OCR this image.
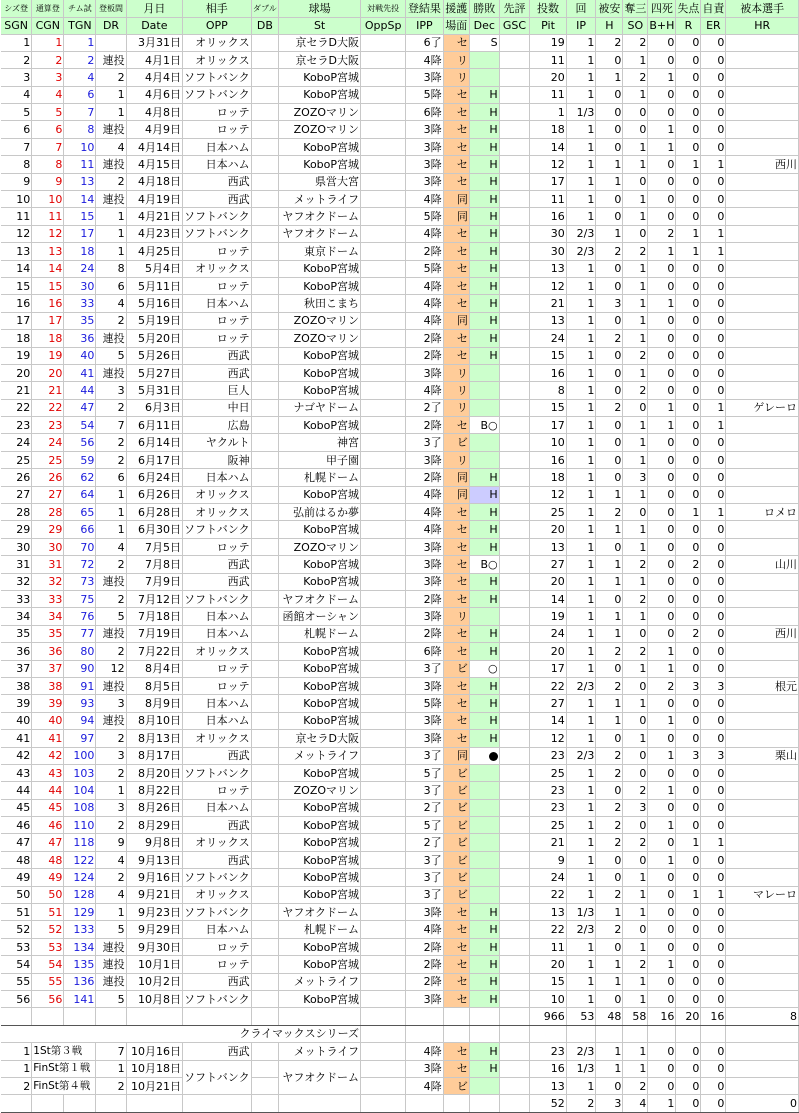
シズ登	通算登	チム試	登板間	月日	相手	ダブル	球場	対戦先投	登結果	援護	勝敗	先評	投数	回	被安	奪三	四死	失点	自責	被本選手
SGN	CGN	TGN	DR	Date	OPP	DB	St	OppSp	IPP	場面	Dec	GSC	Pit	IP	H	SO	B+H	R	ER	HR
1	1	1		3月31日	オリックス		京セラD大阪		6了	セ	S		19	1	2	2	0	0	0	
2	2	2	連投	4月1日	オリックス		京セラD大阪		4降	リ			11	1	0	1	0	0	0	
3	3	4	2	4月4日	ソフトバンク		KoboP宮城		3降	リ			20	1	1	2	1	0	0	
4	4	6	1	4月6日	ソフトバンク		KoboP宮城		5降	セ	H		11	1	0	1	0	0	0	
5	5	7	1	4月8日	ロッテ		ZOZOマリン		6降	セ	H		1	1/3	0	0	0	0	0	
6	6	8	連投	4月9日	ロッテ		ZOZOマリン		3降	セ	H		18	1	0	0	1	0	0	
7	7	10	4	4月14日	日本ハム		KoboP宮城		3降	セ	H		14	1	0	1	1	0	0	
8	8	11	連投	4月15日	日本ハム		KoboP宮城		3降	セ	H		12	1	1	1	0	1	1	西川
9	9	13	2	4月18日	西武		県営大宮		3降	セ	H		17	1	1	0	0	0	0	
10	10	14	連投	4月19日	西武		メットライフ		4降	同	H		11	1	0	1	0	0	0	
11	11	15	1	4月21日	ソフトバンク		ヤフオクドーム		5降	同	H		16	1	0	1	0	0	0	
12	12	17	1	4月23日	ソフトバンク		ヤフオクドーム		4降	セ	H		30	2/3	1	0	2	1	1	
13	13	18	1	4月25日	ロッテ		東京ドーム		2降	セ	H		30	2/3	2	2	1	1	1	
14	14	24	8	5月4日	オリックス		KoboP宮城		5降	セ	H		13	1	0	1	0	0	0	
15	15	30	6	5月11日	ロッテ		KoboP宮城		4降	セ	H		12	1	0	1	0	0	0	
16	16	33	4	5月16日	日本ハム		秋田こまち		4降	セ	H		21	1	3	1	1	0	0	
17	17	35	2	5月19日	ロッテ		ZOZOマリン		4降	同	H		13	1	0	1	0	0	0	
18	18	36	連投	5月20日	ロッテ		ZOZOマリン		2降	セ	H		24	1	2	1	0	0	0	
19	19	40	5	5月26日	西武		KoboP宮城		2降	セ	H		15	1	0	2	0	0	0	
20	20	41	連投	5月27日	西武		KoboP宮城		3降	リ			16	1	0	1	0	0	0	
21	21	44	3	5月31日	巨人		KoboP宮城		4降	リ			8	1	0	2	0	0	0	
22	22	47	2	6月3日	中日		ナゴヤドーム		2了	リ			15	1	2	0	1	0	1	ゲレーロ
23	23	54	7	6月11日	広島		KoboP宮城		2降	セ	B○		17	1	0	1	1	0	1	
24	24	56	2	6月14日	ヤクルト		神宮		3了	ビ			10	1	0	1	0	0	0	
25	25	59	2	6月17日	阪神		甲子園		3降	リ			16	1	0	1	0	0	0	
26	26	62	6	6月24日	日本ハム		札幌ドーム		2降	同	H		18	1	0	3	0	0	0	
27	27	64	1	6月26日	オリックス		KoboP宮城		4降	同	H		12	1	1	1	0	0	0	
28	28	65	1	6月28日	オリックス		弘前はるか夢		4降	セ	H		25	1	2	0	0	1	1	ロメロ
29	29	66	1	6月30日	ソフトバンク		KoboP宮城		4降	セ	H		20	1	1	1	0	0	0	
30	30	70	4	7月5日	ロッテ		ZOZOマリン		3降	セ	H		13	1	0	1	0	0	0	
31	31	72	2	7月8日	西武		KoboP宮城		3降	セ	B○		27	1	1	2	0	2	0	山川
32	32	73	連投	7月9日	西武		KoboP宮城		3降	セ	H		20	1	1	1	0	0	0	
33	33	75	2	7月12日	ソフトバンク		ヤフオクドーム		2降	セ	H		14	1	0	2	0	0	0	
34	34	76	5	7月18日	日本ハム		函館オーシャン		3降	リ			19	1	1	1	0	0	0	
35	35	77	連投	7月19日	日本ハム		札幌ドーム		2降	セ	H		24	1	1	0	0	2	0	西川
36	36	80	2	7月22日	オリックス		KoboP宮城		6降	セ	H		20	1	2	2	1	0	0	
37	37	90	12	8月4日	ロッテ		KoboP宮城		3了	ビ	○		17	1	0	1	1	0	0	
38	38	91	連投	8月5日	ロッテ		KoboP宮城		3降	セ	H		22	2/3	2	0	2	3	3	根元
39	39	93	3	8月9日	日本ハム		KoboP宮城		5降	セ	H		27	1	1	1	0	0	0	
40	40	94	連投	8月10日	日本ハム		KoboP宮城		3降	セ	H		14	1	1	0	1	0	0	
41	41	97	2	8月13日	オリックス		京セラD大阪		3降	セ	H		12	1	0	1	0	0	0	
42	42	100	3	8月17日	西武		メットライフ		3了	同			23	2/3	2	0	1	3	3	栗山
43	43	103	2	8月20日	ソフトバンク		KoboP宮城		5了	ビ			25	1	2	0	0	0	0	
44	44	104	1	8月22日	ロッテ		ZOZOマリン		3了	ビ			23	1	0	2	1	0	0	
45	45	108	3	8月26日	日本ハム		KoboP宮城		2了	ビ			23	1	2	3	0	0	0	
46	46	110	2	8月29日	西武		KoboP宮城		5了	ビ			25	1	2	0	1	0	0	
47	47	118	9	9月8日	オリックス		KoboP宮城		2了	ビ			21	1	2	2	0	1	1	
48	48	122	4	9月13日	西武		KoboP宮城		3了	ビ			9	1	0	0	1	0	0	
49	49	124	2	9月16日	ソフトバンク		KoboP宮城		3了	ビ			24	1	0	1	0	0	0	
50	50	128	4	9月21日	オリックス		KoboP宮城		3了	ビ			22	1	2	1	0	1	1	マレーロ
51	51	129	1	9月23日	ソフトバンク		ヤフオクドーム		3降	セ	H		13	1/3	1	1	0	0	0	
52	52	133	5	9月29日	日本ハム		札幌ドーム		4降	セ	H		22	2/3	2	0	0	0	0	
53	53	134	連投	9月30日	ロッテ		KoboP宮城		2降	セ	H		11	1	0	1	0	0	0	
54	54	135	連投	10月1日	ロッテ		KoboP宮城		2降	セ	H		20	1	1	2	1	0	0	
55	55	136	連投	10月2日	西武		メットライフ		2降	セ	H		15	1	1	1	0	0	0	
56	56	141	5	10月8日	ソフトバンク		KoboP宮城		3降	セ	H		10	1	0	1	0	0	0	
													966	53	48	58	16	20	16	8
クライマックスシリーズ																				
1	1St第３戦		7	10月16日	西武		メットライフ		4降	セ	H		23	2/3	1	1	0	0	0	
1	FinSt第１戦		1	10月18日	ソフトバンク		ヤフオクドーム		3降	セ	H		16	1/3	1	1	0	0	0	
2	FinSt第４戦		2	10月21日					4降	ビ			13	1	0	2	0	0	0	
													52	2	3	4	1	0	0	0
